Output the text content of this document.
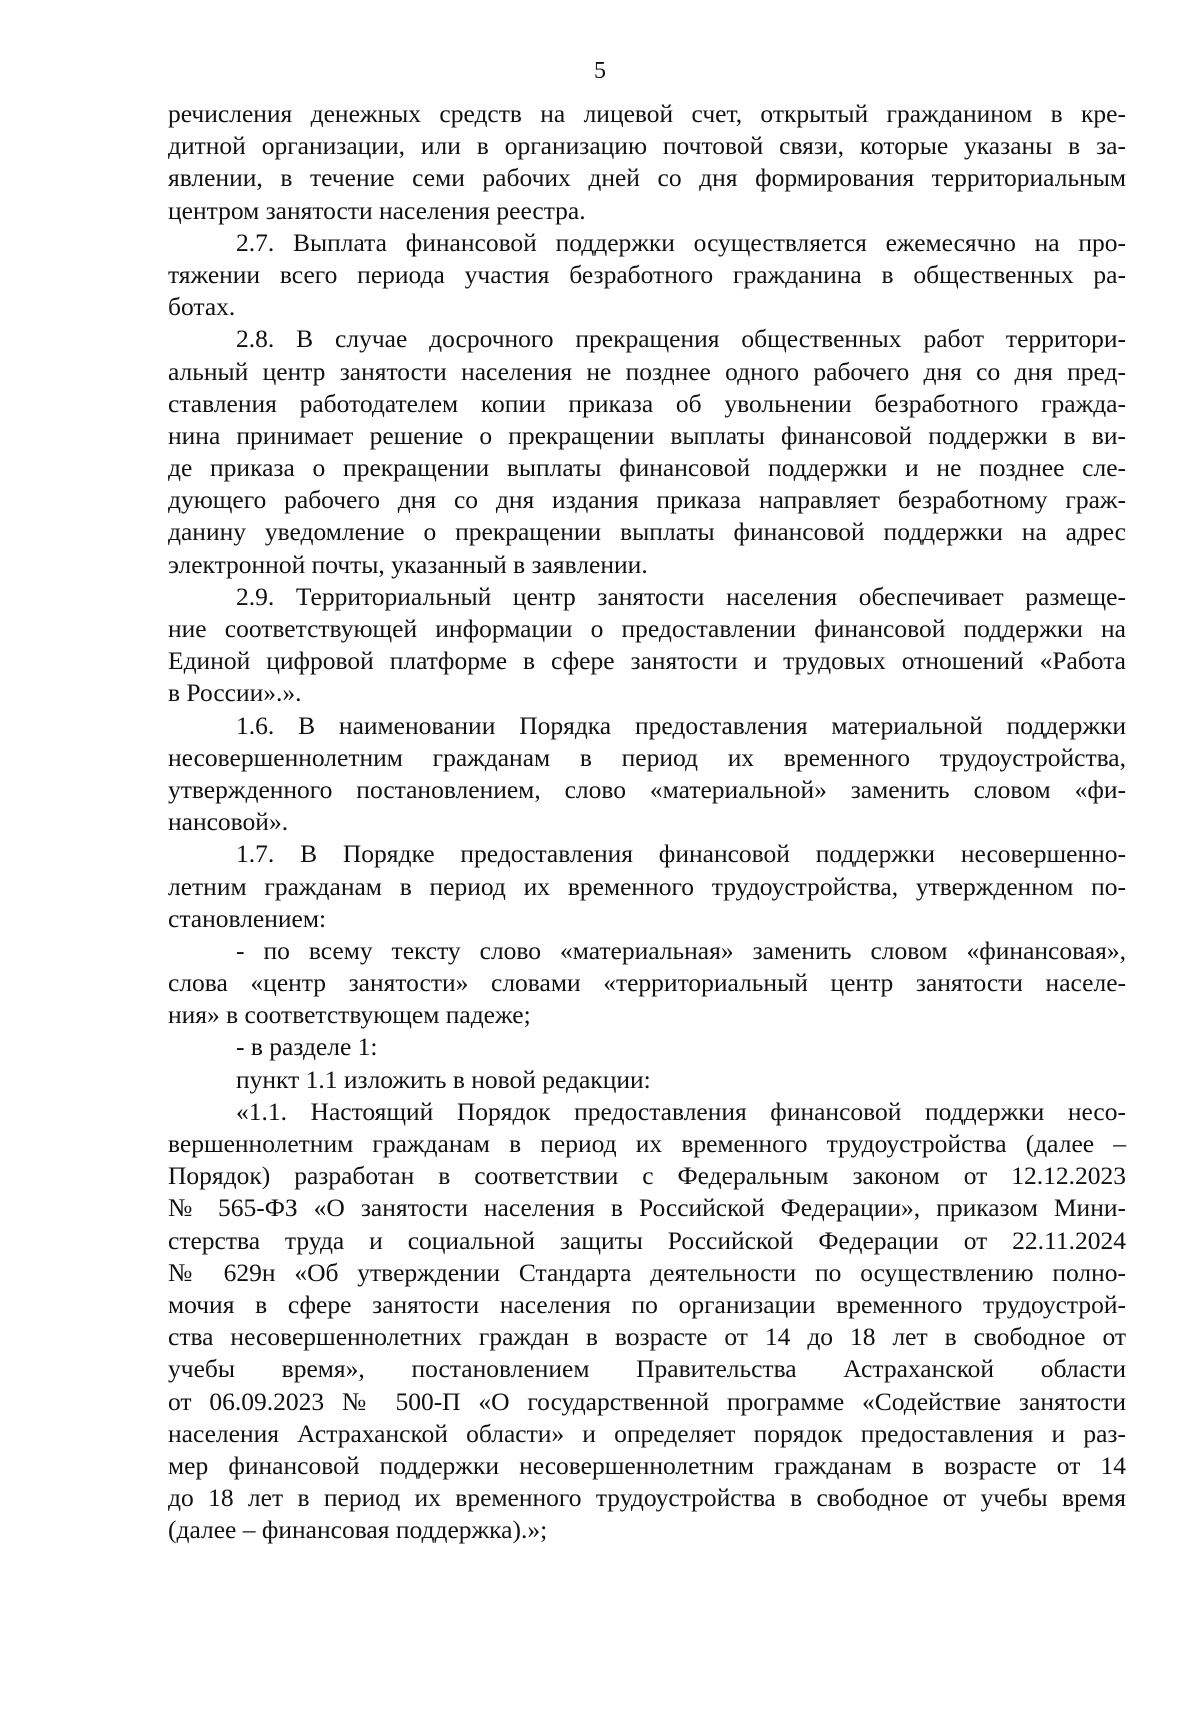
5
речисления денежных средств на лицевой счет, открытый гражданином в кре-
дитной организации, или в организацию почтовой связи, которые указаны в за-
явлении, в течение семи рабочих дней со дня формирования территориальным
центром занятости населения реестра.
2.7. Выплата финансовой поддержки осуществляется ежемесячно на про-
тяжении всего периода участия безработного гражданина в общественных ра-
ботах.
2.8. В случае досрочного прекращения общественных работ территори-
альный центр занятости населения не позднее одного рабочего дня со дня пред-
ставления работодателем копии приказа об увольнении безработного гражда-
нина принимает решение о прекращении выплаты финансовой поддержки в ви-
де приказа о прекращении выплаты финансовой поддержки и не позднее сле-
дующего рабочего дня со дня издания приказа направляет безработному граж-
данину уведомление о прекращении выплаты финансовой поддержки на адрес
электронной почты, указанный в заявлении.
2.9. Территориальный центр занятости населения обеспечивает размеще-
ние соответствующей информации о предоставлении финансовой поддержки на
Единой цифровой платформе в сфере занятости и трудовых отношений «Работа
в России».».
1.6. В наименовании Порядка предоставления материальной поддержки
несовершеннолетним гражданам в период их временного трудоустройства,
утвержденного постановлением, слово «материальной» заменить словом «фи-
нансовой».
1.7. В Порядке предоставления финансовой поддержки несовершенно-
летним гражданам в период их временного трудоустройства, утвержденном по-
становлением:
- по всему тексту слово «материальная» заменить словом «финансовая»,
слова «центр занятости» словами «территориальный центр занятости населе-
ния» в соответствующем падеже;
- в разделе 1:
пункт 1.1 изложить в новой редакции:
«1.1. Настоящий Порядок предоставления финансовой поддержки несо-
вершеннолетним гражданам в период их временного трудоустройства (далее –
Порядок) разработан в соответствии с Федеральным законом от 12.12.2023
№ 565-ФЗ «О занятости населения в Российской Федерации», приказом Мини-
стерства труда и социальной защиты Российской Федерации от 22.11.2024
№ 629н «Об утверждении Стандарта деятельности по осуществлению полно-
мочия в сфере занятости населения по организации временного трудоустрой-
ства несовершеннолетних граждан в возрасте от 14 до 18 лет в свободное от
учебы время», постановлением Правительства Астраханской области
от 06.09.2023 № 500-П «О государственной программе «Содействие занятости
населения Астраханской области» и определяет порядок предоставления и раз-
мер финансовой поддержки несовершеннолетним гражданам в возрасте от 14
до 18 лет в период их временного трудоустройства в свободное от учебы время
(далее – финансовая поддержка).»;
